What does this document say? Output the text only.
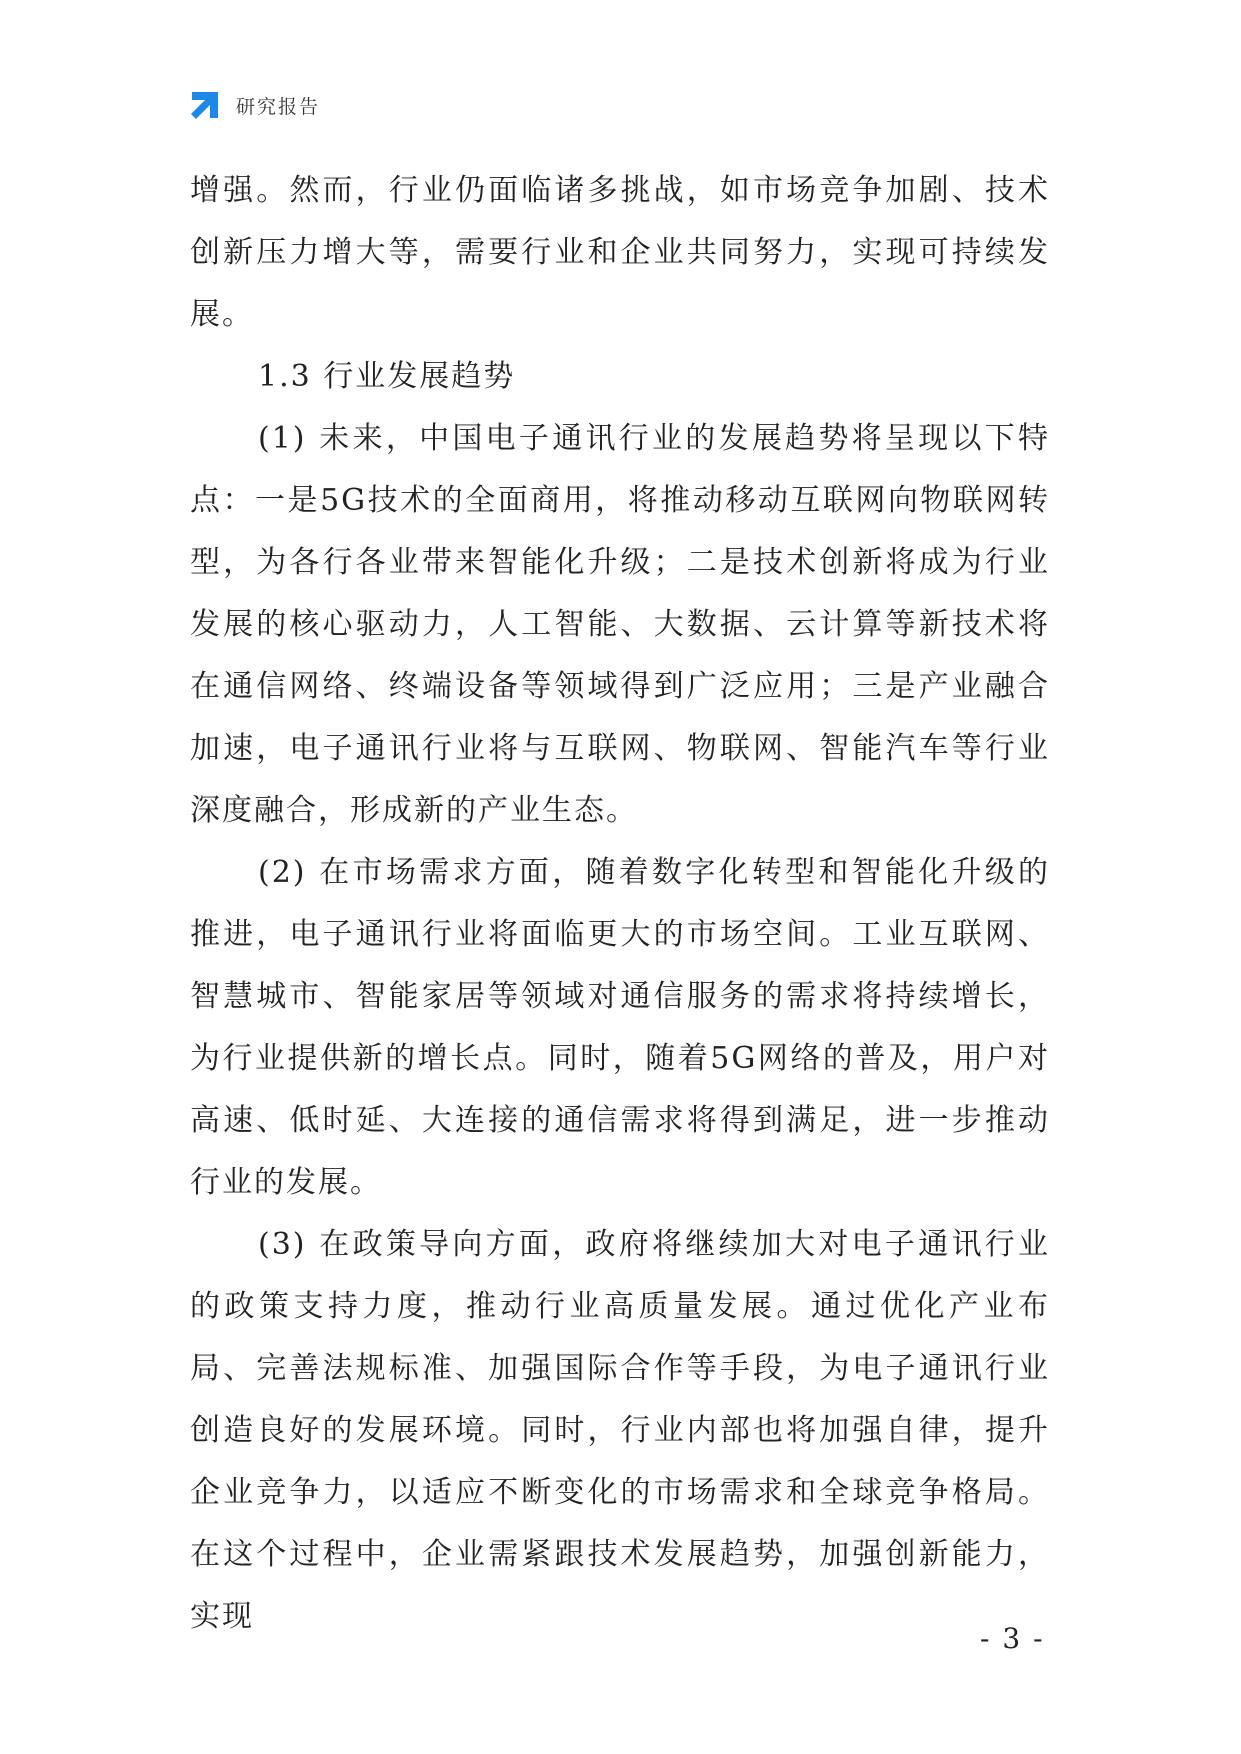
研究报告

增强。然而，行业仍面临诸多挑战，如市场竞争加剧、技术创新压力增大等，需要行业和企业共同努力，实现可持续发展。

1.3 行业发展趋势

(1) 未来，中国电子通讯行业的发展趋势将呈现以下特点：一是5G技术的全面商用，将推动移动互联网向物联网转型，为各行各业带来智能化升级；二是技术创新将成为行业发展的核心驱动力，人工智能、大数据、云计算等新技术将在通信网络、终端设备等领域得到广泛应用；三是产业融合加速，电子通讯行业将与互联网、物联网、智能汽车等行业深度融合，形成新的产业生态。

(2) 在市场需求方面，随着数字化转型和智能化升级的推进，电子通讯行业将面临更大的市场空间。工业互联网、智慧城市、智能家居等领域对通信服务的需求将持续增长，为行业提供新的增长点。同时，随着5G网络的普及，用户对高速、低时延、大连接的通信需求将得到满足，进一步推动行业的发展。

(3) 在政策导向方面，政府将继续加大对电子通讯行业的政策支持力度，推动行业高质量发展。通过优化产业布局、完善法规标准、加强国际合作等手段，为电子通讯行业创造良好的发展环境。同时，行业内部也将加强自律，提升企业竞争力，以适应不断变化的市场需求和全球竞争格局。在这个过程中，企业需紧跟技术发展趋势，加强创新能力，实现

- 3 -
